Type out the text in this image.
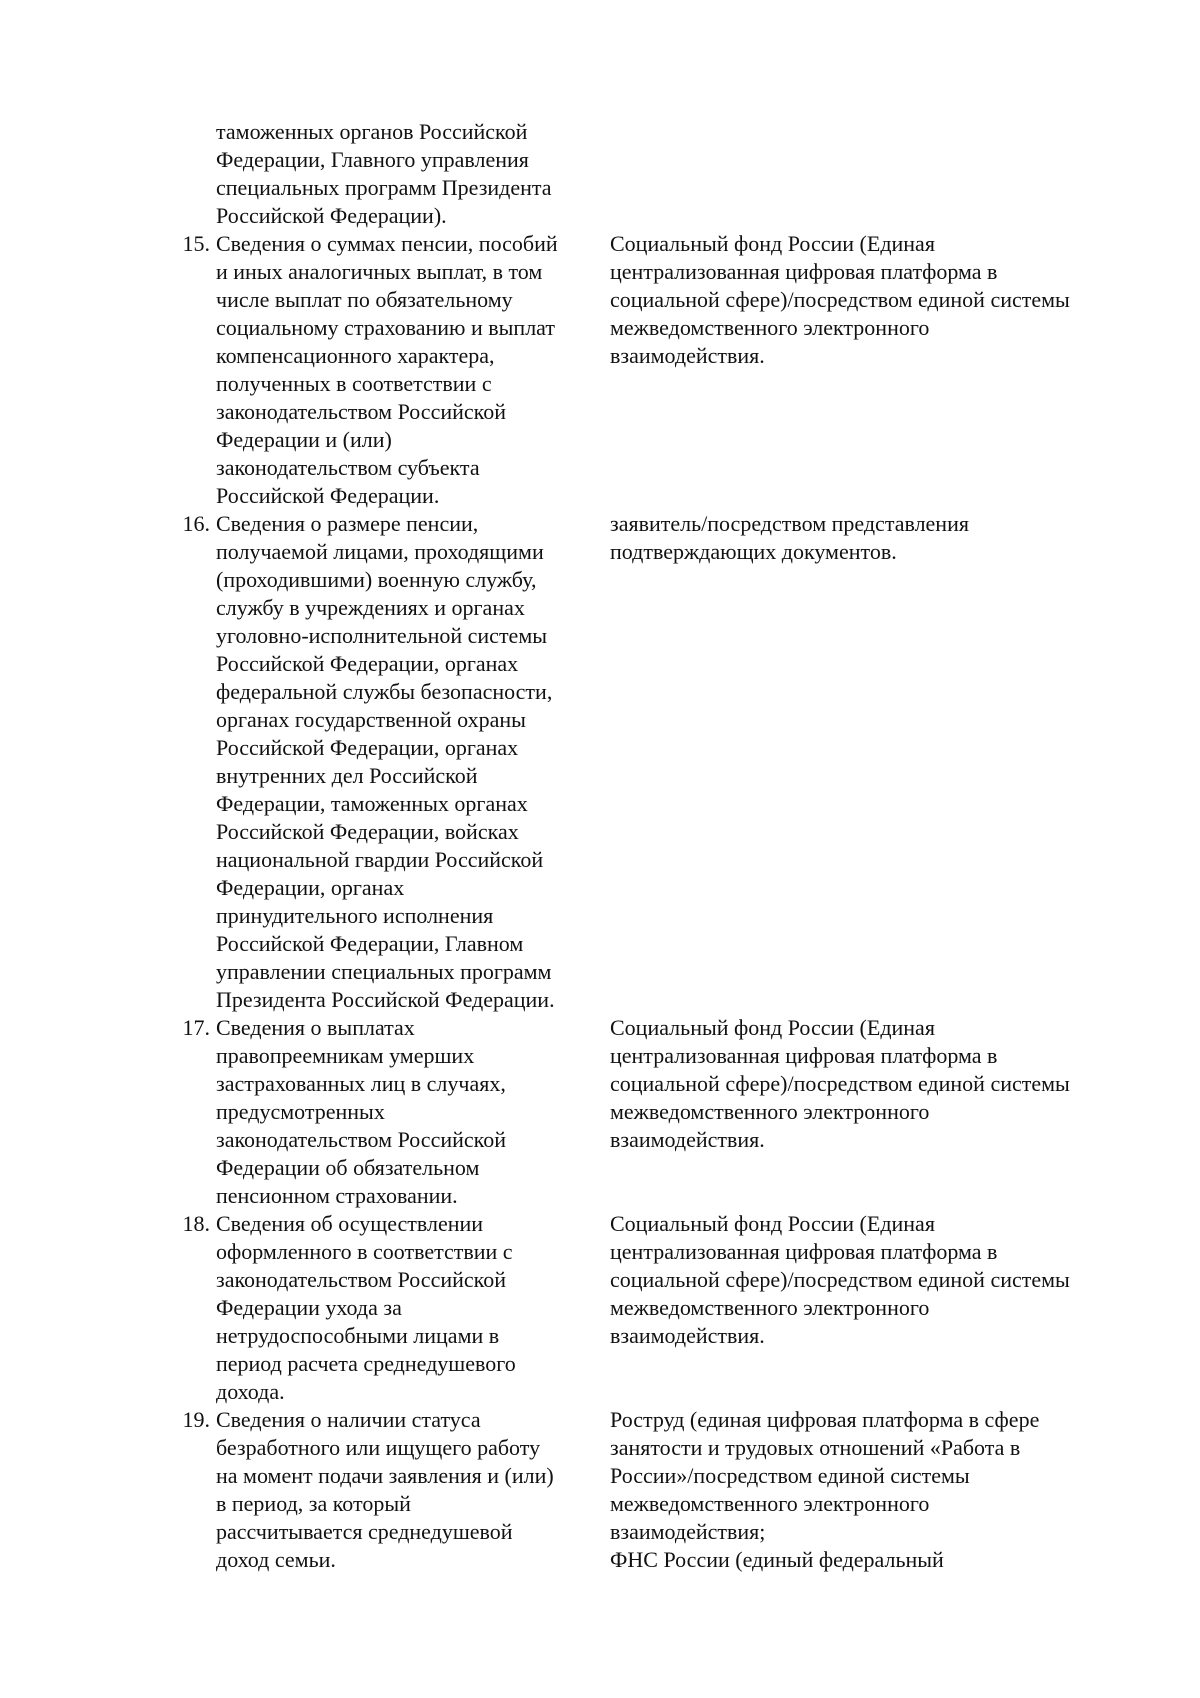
таможенных органов Российской
Федерации, Главного управления
специальных программ Президента
Российской Федерации).
15. Сведения о суммах пенсии, пособий
и иных аналогичных выплат, в том
числе выплат по обязательному
социальному страхованию и выплат
компенсационного характера,
полученных в соответствии с
законодательством Российской
Федерации и (или)
законодательством субъекта
Российской Федерации.
Социальный фонд России (Единая
централизованная цифровая платформа в
социальной сфере)/посредством единой системы
межведомственного электронного
взаимодействия.
16. Сведения о размере пенсии,
получаемой лицами, проходящими
(проходившими) военную службу,
службу в учреждениях и органах
уголовно-исполнительной системы
Российской Федерации, органах
федеральной службы безопасности,
органах государственной охраны
Российской Федерации, органах
внутренних дел Российской
Федерации, таможенных органах
Российской Федерации, войсках
национальной гвардии Российской
Федерации, органах
принудительного исполнения
Российской Федерации, Главном
управлении специальных программ
Президента Российской Федерации.
заявитель/посредством представления
подтверждающих документов.
17. Сведения о выплатах
правопреемникам умерших
застрахованных лиц в случаях,
предусмотренных
законодательством Российской
Федерации об обязательном
пенсионном страховании.
Социальный фонд России (Единая
централизованная цифровая платформа в
социальной сфере)/посредством единой системы
межведомственного электронного
взаимодействия.
18. Сведения об осуществлении
оформленного в соответствии с
законодательством Российской
Федерации ухода за
нетрудоспособными лицами в
период расчета среднедушевого
дохода.
Социальный фонд России (Единая
централизованная цифровая платформа в
социальной сфере)/посредством единой системы
межведомственного электронного
взаимодействия.
19. Сведения о наличии статуса
безработного или ищущего работу
на момент подачи заявления и (или)
в период, за который
рассчитывается среднедушевой
доход семьи.
Роструд (единая цифровая платформа в сфере
занятости и трудовых отношений «Работа в
России»/посредством единой системы
межведомственного электронного
взаимодействия;
ФНС России (единый федеральный
